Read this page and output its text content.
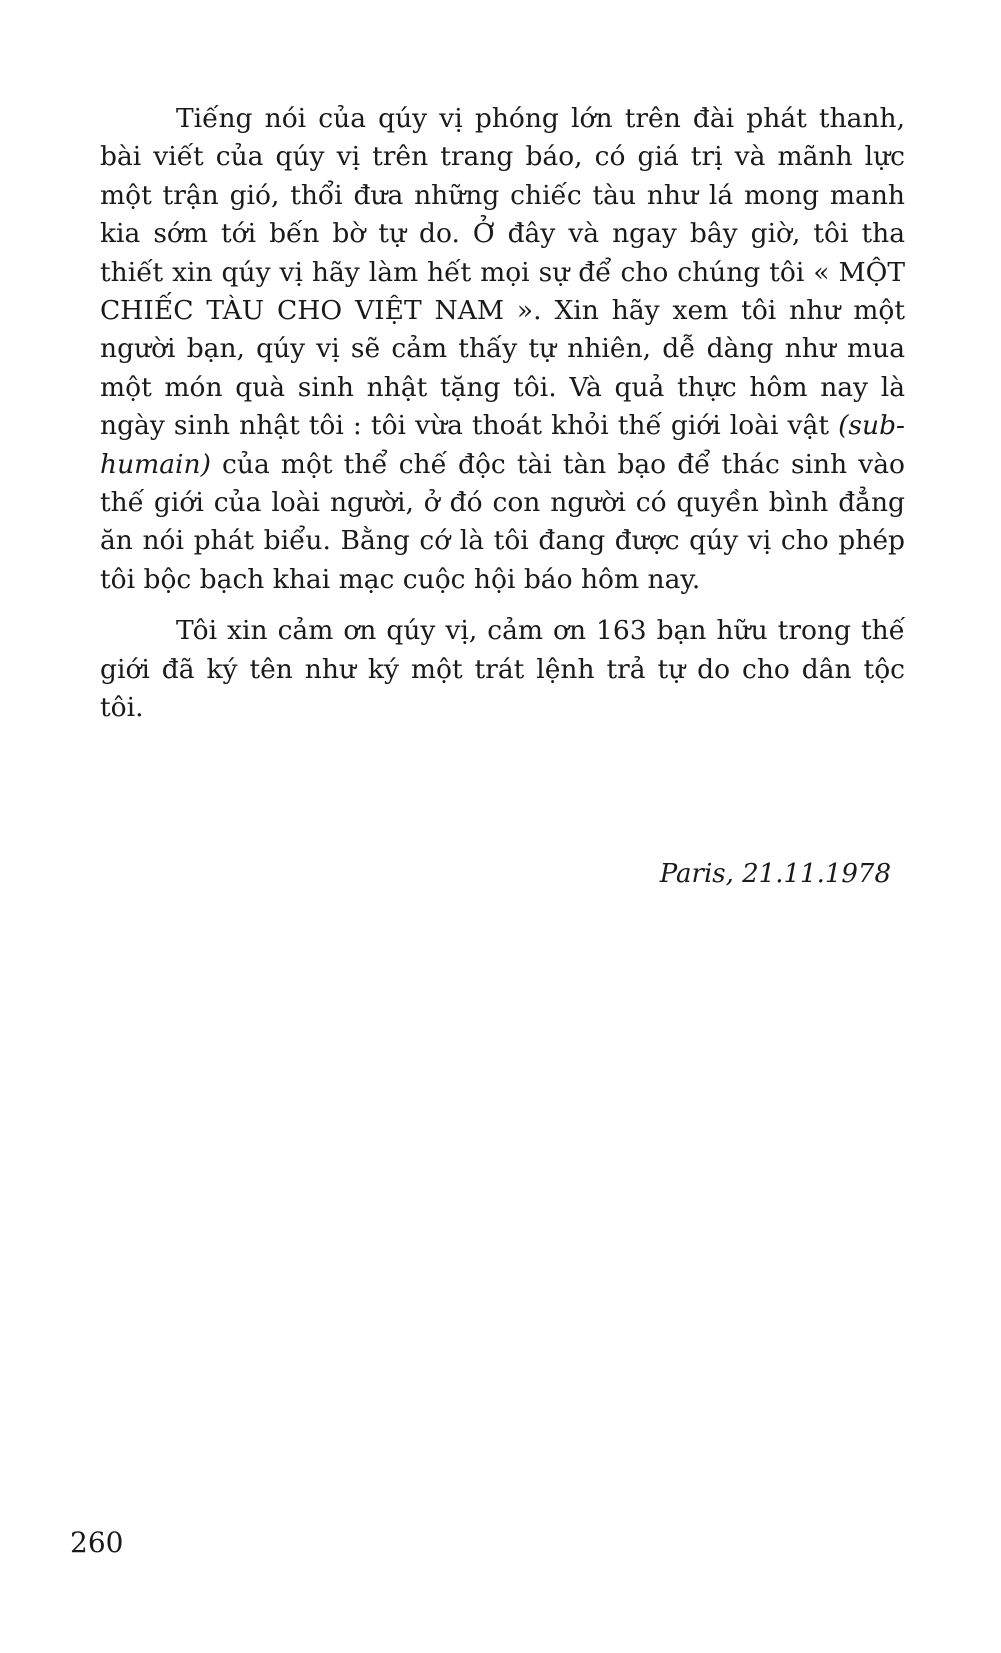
Tiếng nói của qúy vị phóng lớn trên đài phát thanh, bài viết của qúy vị trên trang báo, có giá trị và mãnh lực một trận gió, thổi đưa những chiếc tàu như lá mong manh kia sớm tới bến bờ tự do. Ở đây và ngay bây giờ, tôi tha thiết xin qúy vị hãy làm hết mọi sự để cho chúng tôi « MỘT CHIẾC TÀU CHO VIỆT NAM ». Xin hãy xem tôi như một người bạn, qúy vị sẽ cảm thấy tự nhiên, dễ dàng như mua một món quà sinh nhật tặng tôi. Và quả thực hôm nay là ngày sinh nhật tôi : tôi vừa thoát khỏi thế giới loài vật (sub-humain) của một thể chế độc tài tàn bạo để thác sinh vào thế giới của loài người, ở đó con người có quyền bình đẳng ăn nói phát biểu. Bằng cớ là tôi đang được qúy vị cho phép tôi bộc bạch khai mạc cuộc hội báo hôm nay.

Tôi xin cảm ơn qúy vị, cảm ơn 163 bạn hữu trong thế giới đã ký tên như ký một trát lệnh trả tự do cho dân tộc tôi.

Paris, 21.11.1978
260
